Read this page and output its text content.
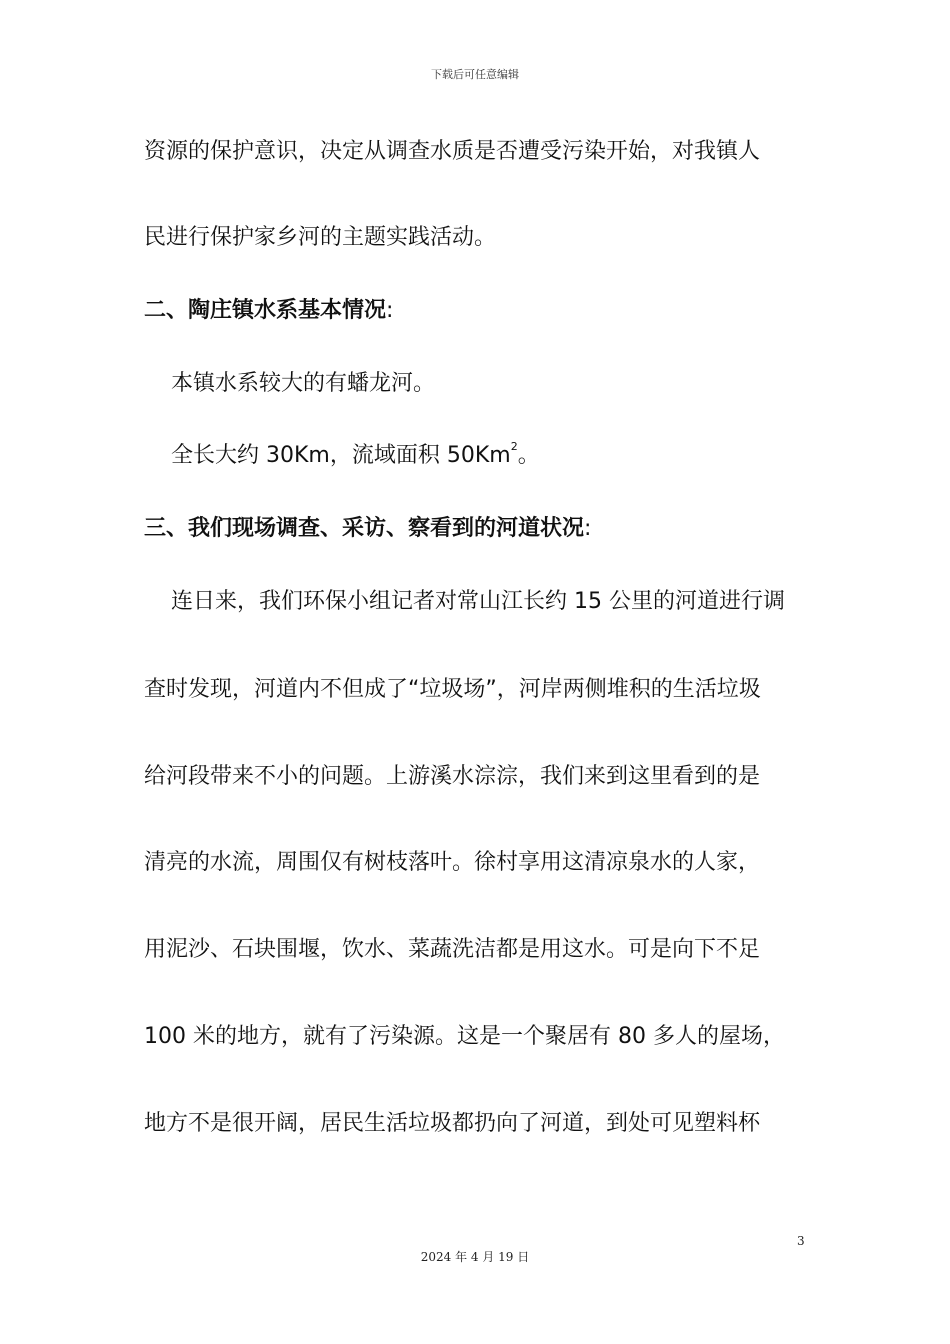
下载后可任意编辑
资源的保护意识，决定从调查水质是否遭受污染开始，对我镇人
民进行保护家乡河的主题实践活动。
二、陶庄镇水系基本情况:
本镇水系较大的有蟠龙河。
全长大约 30Km，流域面积 50Km$^2$。
三、我们现场调查、采访、察看到的河道状况:
连日来，我们环保小组记者对常山江长约 15 公里的河道进行调
查时发现，河道内不但成了“垃圾场”，河岸两侧堆积的生活垃圾
给河段带来不小的问题。上游溪水淙淙，我们来到这里看到的是
清亮的水流，周围仅有树枝落叶。徐村享用这清凉泉水的人家，
用泥沙、石块围堰，饮水、菜蔬洗洁都是用这水。可是向下不足
100 米的地方，就有了污染源。这是一个聚居有 80 多人的屋场，
地方不是很开阔，居民生活垃圾都扔向了河道，到处可见塑料杯
3
2024 年 4 月 19 日
